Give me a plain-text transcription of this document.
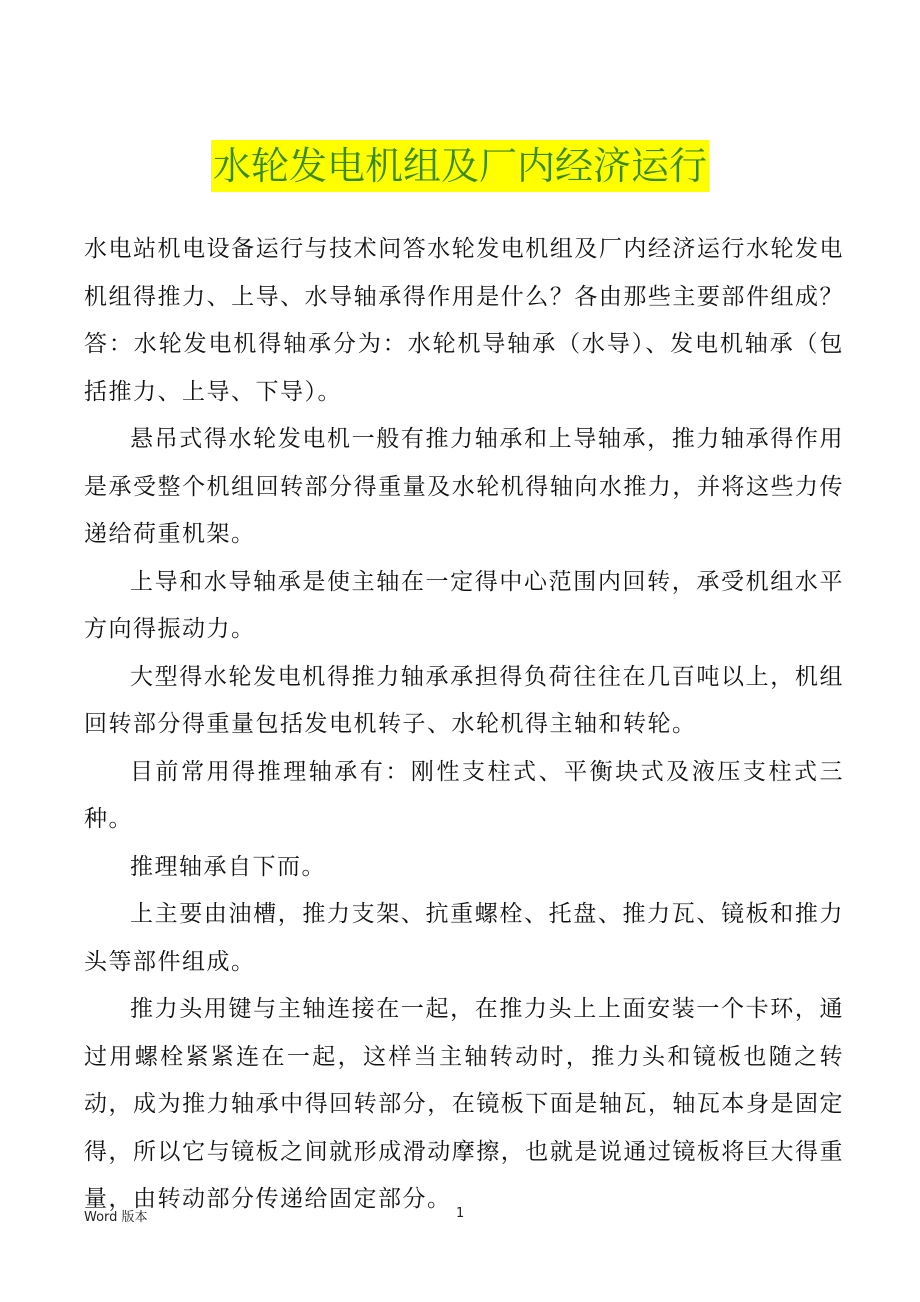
水轮发电机组及厂内经济运行

水电站机电设备运行与技术问答水轮发电机组及厂内经济运行水轮发电机组得推力、上导、水导轴承得作用是什么？各由那些主要部件组成？答：水轮发电机得轴承分为：水轮机导轴承（水导）、发电机轴承（包括推力、上导、下导）。

悬吊式得水轮发电机一般有推力轴承和上导轴承，推力轴承得作用是承受整个机组回转部分得重量及水轮机得轴向水推力，并将这些力传递给荷重机架。

上导和水导轴承是使主轴在一定得中心范围内回转，承受机组水平方向得振动力。

大型得水轮发电机得推力轴承承担得负荷往往在几百吨以上，机组回转部分得重量包括发电机转子、水轮机得主轴和转轮。

目前常用得推理轴承有：刚性支柱式、平衡块式及液压支柱式三种。

推理轴承自下而。

上主要由油槽，推力支架、抗重螺栓、托盘、推力瓦、镜板和推力头等部件组成。

推力头用键与主轴连接在一起，在推力头上上面安装一个卡环，通过用螺栓紧紧连在一起，这样当主轴转动时，推力头和镜板也随之转动，成为推力轴承中得回转部分，在镜板下面是轴瓦，轴瓦本身是固定得，所以它与镜板之间就形成滑动摩擦，也就是说通过镜板将巨大得重量，由转动部分传递给固定部分。

Word 版本	1
